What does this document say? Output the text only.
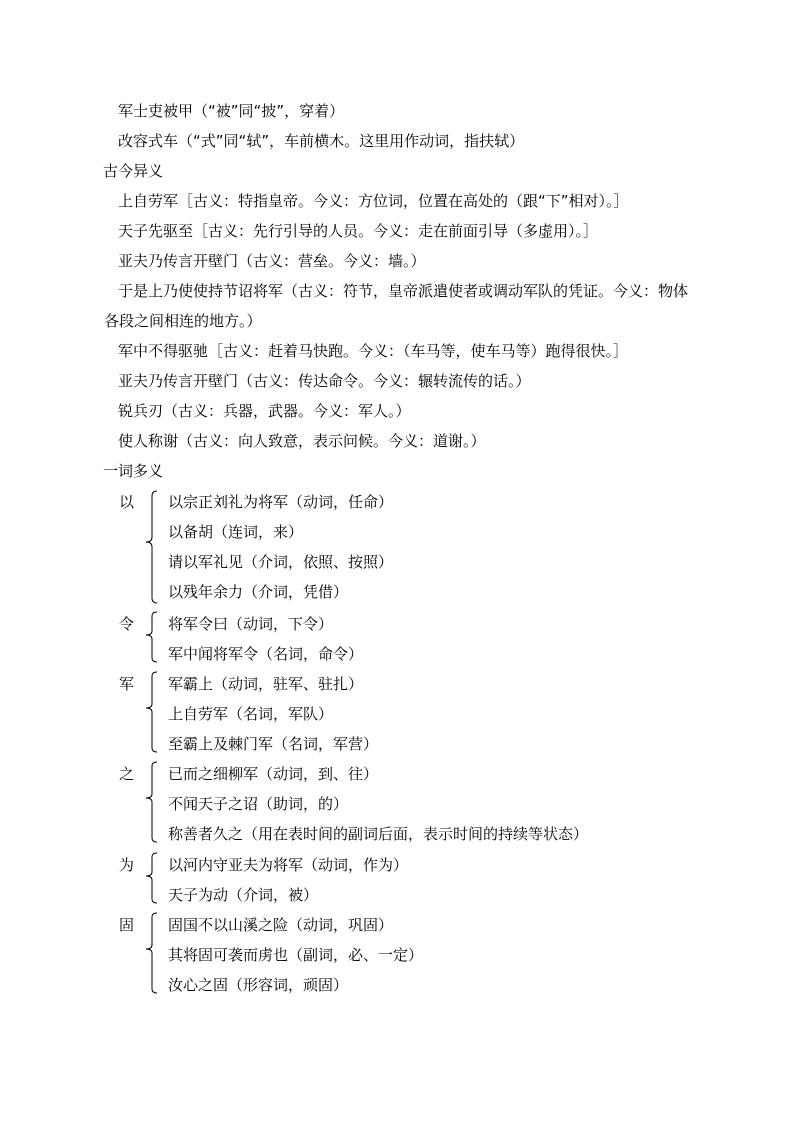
军士吏被甲（“被”同“披”，穿着）
改容式车（“式”同“轼”，车前横木。这里用作动词，指扶轼）
古今异义
上自劳军［古义：特指皇帝。今义：方位词，位置在高处的（跟“下”相对）。］
天子先驱至［古义：先行引导的人员。今义：走在前面引导（多虚用）。］
亚夫乃传言开壁门（古义：营垒。今义：墙。）
于是上乃使使持节诏将军（古义：符节，皇帝派遣使者或调动军队的凭证。今义：物体
各段之间相连的地方。）
军中不得驱驰［古义：赶着马快跑。今义：（车马等，使车马等）跑得很快。］
亚夫乃传言开壁门（古义：传达命令。今义：辗转流传的话。）
锐兵刃（古义：兵器，武器。今义：军人。）
使人称谢（古义：向人致意，表示问候。今义：道谢。）
一词多义
以 以宗正刘礼为将军（动词，任命）
以备胡（连词，来）
请以军礼见（介词，依照、按照）
以残年余力（介词，凭借）
令 将军令曰（动词，下令）
军中闻将军令（名词，命令）
军 军霸上（动词，驻军、驻扎）
上自劳军（名词，军队）
至霸上及棘门军（名词，军营）
之 已而之细柳军（动词，到、往）
不闻天子之诏（助词，的）
称善者久之（用在表时间的副词后面，表示时间的持续等状态）
为 以河内守亚夫为将军（动词，作为）
天子为动（介词，被）
固 固国不以山溪之险（动词，巩固）
其将固可袭而虏也（副词，必、一定）
汝心之固（形容词，顽固）
